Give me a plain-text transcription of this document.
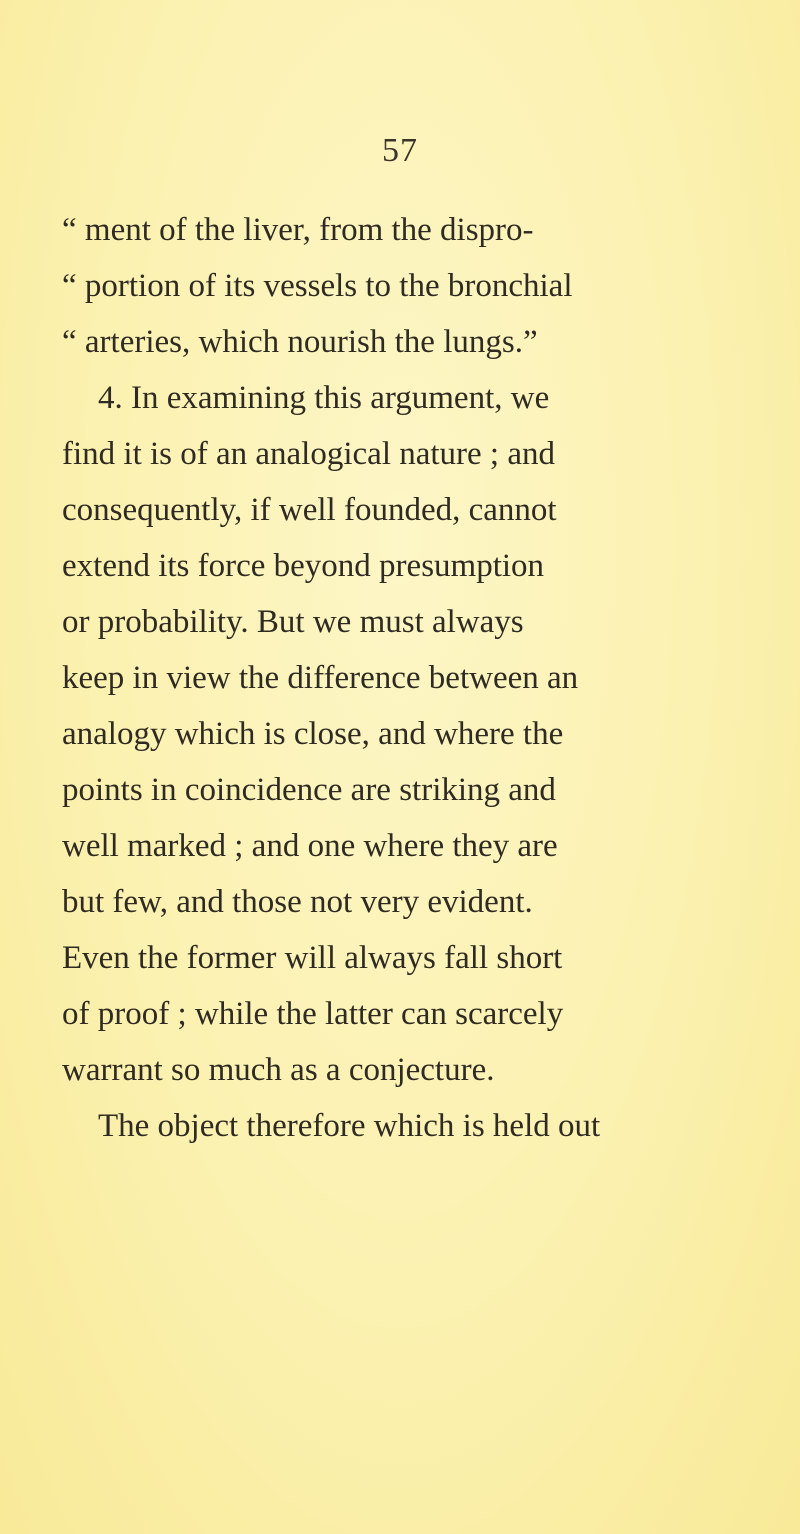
57
“ ment of the liver, from the dispro-
“ portion of its vessels to the bronchial
“ arteries, which nourish the lungs.”
4. In examining this argument, we
find it is of an analogical nature ; and
consequently, if well founded, cannot
extend its force beyond presumption
or probability. But we must always
keep in view the difference between an
analogy which is close, and where the
points in coincidence are striking and
well marked ; and one where they are
but few, and those not very evident.
Even the former will always fall short
of proof ; while the latter can scarcely
warrant so much as a conjecture.
The object therefore which is held out
